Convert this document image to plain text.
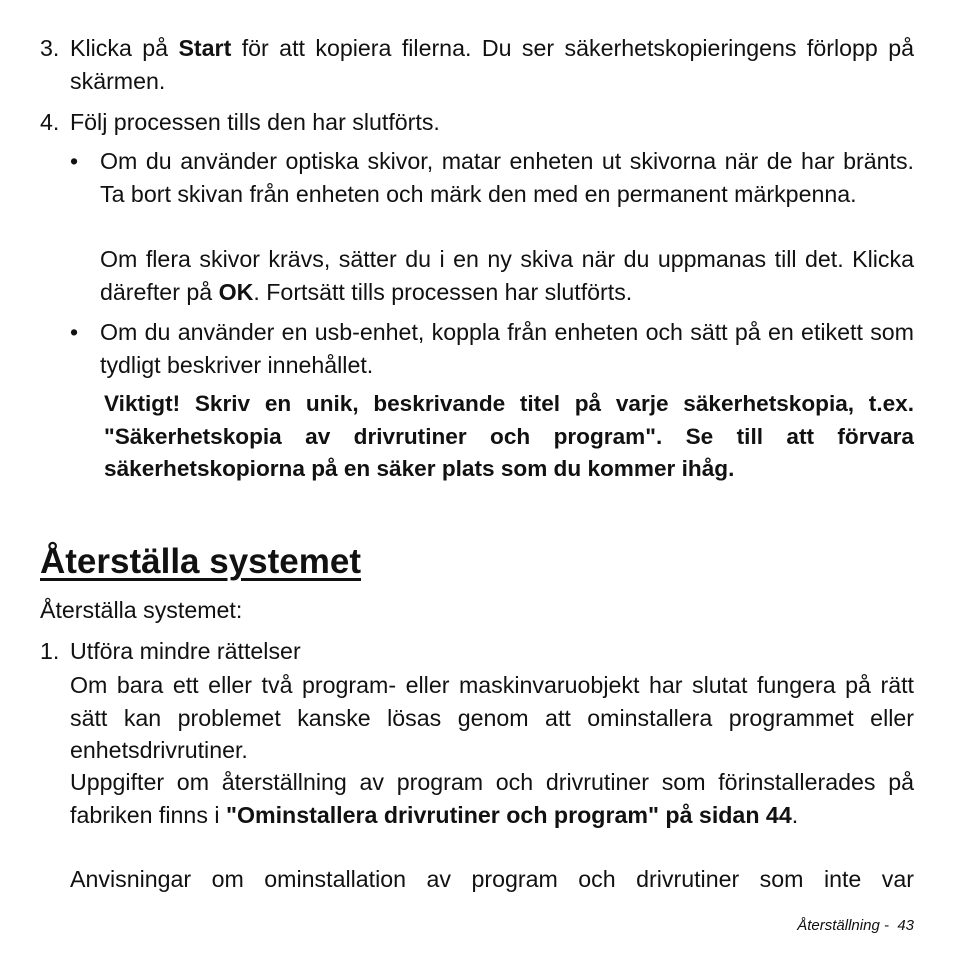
3. Klicka på Start för att kopiera filerna. Du ser säkerhetskopieringens förlopp på skärmen.
4. Följ processen tills den har slutförts.
• Om du använder optiska skivor, matar enheten ut skivorna när de har bränts. Ta bort skivan från enheten och märk den med en permanent märkpenna.
Om flera skivor krävs, sätter du i en ny skiva när du uppmanas till det. Klicka därefter på OK. Fortsätt tills processen har slutförts.
• Om du använder en usb-enhet, koppla från enheten och sätt på en etikett som tydligt beskriver innehållet.
Viktigt! Skriv en unik, beskrivande titel på varje säkerhetskopia, t.ex. "Säkerhetskopia av drivrutiner och program". Se till att förvara säkerhetskopiorna på en säker plats som du kommer ihåg.
Återställa systemet
Återställa systemet:
1. Utföra mindre rättelser
Om bara ett eller två program- eller maskinvaruobjekt har slutat fungera på rätt sätt kan problemet kanske lösas genom att ominstallera programmet eller enhetsdrivrutiner.
Uppgifter om återställning av program och drivrutiner som förinstallerades på fabriken finns i "Ominstallera drivrutiner och program" på sidan 44.
Anvisningar om ominstallation av program och drivrutiner som inte var
Återställning - 43
